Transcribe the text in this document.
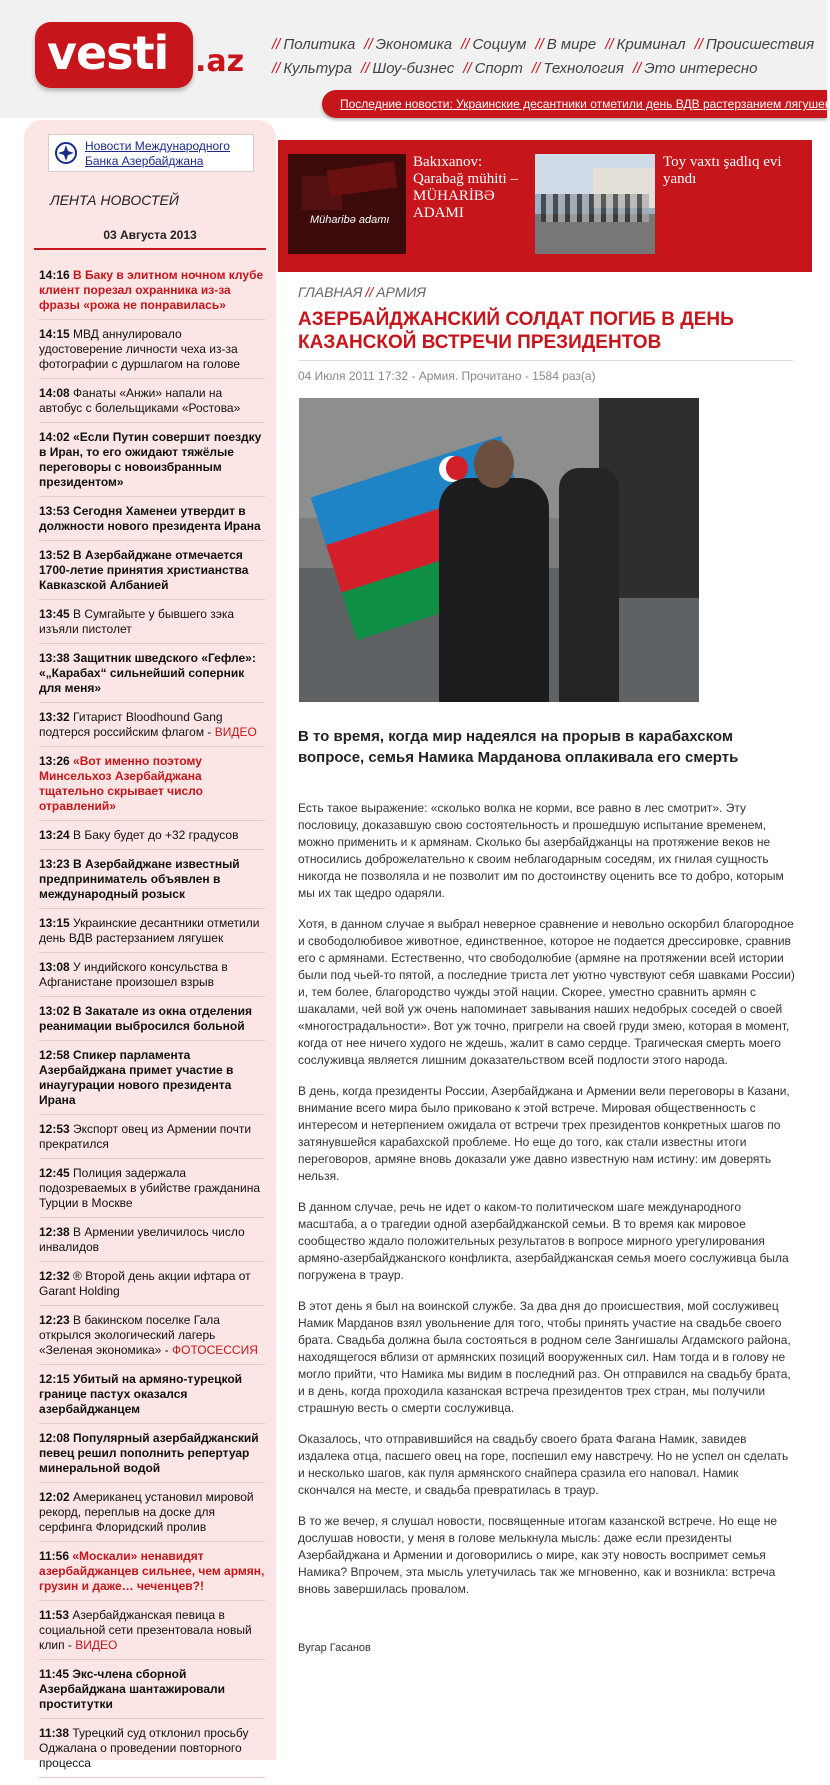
vesti .az // Политика // Экономика // Социум // В мире // Криминал // Происшествия
// Культура // Шоу-бизнес // Спорт // Технология // Это интересно
Последние новости: Украинские десантники отметили день ВДВ растерзанием лягушек
Новости Международного Банка Азербайджана
ЛЕНТА НОВОСТЕЙ
03 Августа 2013
14:16 В Баку в элитном ночном клубе клиент порезал охранника из-за фразы «рожа не понравилась»
14:15 МВД аннулировало удостоверение личности чеха из-за фотографии с дуршлагом на голове
14:08 Фанаты «Анжи» напали на автобус с болельщиками «Ростова»
14:02 «Если Путин совершит поездку в Иран, то его ожидают тяжёлые переговоры с новоизбранным президентом»
13:53 Сегодня Хаменеи утвердит в должности нового президента Ирана
13:52 В Азербайджане отмечается 1700-летие принятия христианства Кавказской Албанией
13:45 В Сумгайыте у бывшего зэка изъяли пистолет
13:38 Защитник шведского «Гефле»: «„Карабах“ сильнейший соперник для меня»
13:32 Гитарист Bloodhound Gang подтерся российским флагом - ВИДЕО
13:26 «Вот именно поэтому Минсельхоз Азербайджана тщательно скрывает число отравлений»
13:24 В Баку будет до +32 градусов
13:23 В Азербайджане известный предприниматель объявлен в международный розыск
13:15 Украинские десантники отметили день ВДВ растерзанием лягушек
13:08 У индийского консульства в Афганистане произошел взрыв
13:02 В Закатале из окна отделения реанимации выбросился больной
12:58 Спикер парламента Азербайджана примет участие в инаугурации нового президента Ирана
12:53 Экспорт овец из Армении почти прекратился
12:45 Полиция задержала подозреваемых в убийстве гражданина Турции в Москве
12:38 В Армении увеличилось число инвалидов
12:32 ® Второй день акции ифтара от Garant Holding
12:23 В бакинском поселке Гала открылся экологический лагерь «Зеленая экономика» - ФОТОСЕССИЯ
12:15 Убитый на армяно-турецкой границе пастух оказался азербайджанцем
12:08 Популярный азербайджанский певец решил пополнить репертуар минеральной водой
12:02 Американец установил мировой рекорд, переплыв на доске для серфинга Флоридский пролив
11:56 «Москали» ненавидят азербайджанцев сильнее, чем армян, грузин и даже… чеченцев?!
11:53 Азербайджанская певица в социальной сети презентовала новый клип - ВИДЕО
11:45 Экс-члена сборной Азербайджана шантажировали проститутки
11:38 Турецкий суд отклонил просьбу Оджалана о проведении повторного процесса
Müharibə adamı
Bakıxanov: Qarabağ mühiti – MÜHARİBƏ ADAMI
Toy vaxtı şadlıq evi yandı
ГЛАВНАЯ // АРМИЯ
АЗЕРБАЙДЖАНСКИЙ СОЛДАТ ПОГИБ В ДЕНЬ КАЗАНСКОЙ ВСТРЕЧИ ПРЕЗИДЕНТОВ
04 Июля 2011 17:32 - Армия. Прочитано - 1584 раз(а)
В то время, когда мир надеялся на прорыв в карабахском вопросе, семья Намика Марданова оплакивала его смерть

Есть такое выражение: «сколько волка не корми, все равно в лес смотрит». Эту пословицу, доказавшую свою состоятельность и прошедшую испытание временем, можно применить и к армянам. Сколько бы азербайджанцы на протяжение веков не относились доброжелательно к своим неблагодарным соседям, их гнилая сущность никогда не позволяла и не позволит им по достоинству оценить все то добро, которым мы их так щедро одаряли.

Хотя, в данном случае я выбрал неверное сравнение и невольно оскорбил благородное и свободолюбивое животное, единственное, которое не подается дрессировке, сравнив его с армянами. Естественно, что свободолюбие (армяне на протяжении всей истории были под чьей-то пятой, а последние триста лет уютно чувствуют себя шавками России) и, тем более, благородство чужды этой нации. Скорее, уместно сравнить армян с шакалами, чей вой уж очень напоминает завывания наших недобрых соседей о своей «многострадальности». Вот уж точно, пригрели на своей груди змею, которая в момент, когда от нее ничего худого не ждешь, жалит в само сердце. Трагическая смерть моего сослуживца является лишним доказательством всей подлости этого народа.

В день, когда президенты России, Азербайджана и Армении вели переговоры в Казани, внимание всего мира было приковано к этой встрече. Мировая общественность с интересом и нетерпением ожидала от встречи трех президентов конкретных шагов по затянувшейся карабахской проблеме. Но еще до того, как стали известны итоги переговоров, армяне вновь доказали уже давно известную нам истину: им доверять нельзя.

В данном случае, речь не идет о каком-то политическом шаге международного масштаба, а о трагедии одной азербайджанской семьи. В то время как мировое сообщество ждало положительных результатов в вопросе мирного урегулирования армяно-азербайджанского конфликта, азербайджанская семья моего сослуживца была погружена в траур.

В этот день я был на воинской службе. За два дня до происшествия, мой сослуживец Намик Марданов взял увольнение для того, чтобы принять участие на свадьбе своего брата. Свадьба должна была состояться в родном селе Зангишалы Агдамского района, находящегося вблизи от армянских позиций вооруженных сил. Нам тогда и в голову не могло прийти, что Намика мы видим в последний раз. Он отправился на свадьбу брата, и в день, когда проходила казанская встреча президентов трех стран, мы получили страшную весть о смерти сослуживца.

Оказалось, что отправившийся на свадьбу своего брата Фагана Намик, завидев издалека отца, пасшего овец на горе, поспешил ему навстречу. Но не успел он сделать и несколько шагов, как пуля армянского снайпера сразила его наповал. Намик скончался на месте, и свадьба превратилась в траур.

В то же вечер, я слушал новости, посвященные итогам казанской встрече. Но еще не дослушав новости, у меня в голове мелькнула мысль: даже если президенты Азербайджана и Армении и договорились о мире, как эту новость воспримет семья Намика? Впрочем, эта мысль улетучилась так же мгновенно, как и возникла: встреча вновь завершилась провалом.

Вугар Гасанов
